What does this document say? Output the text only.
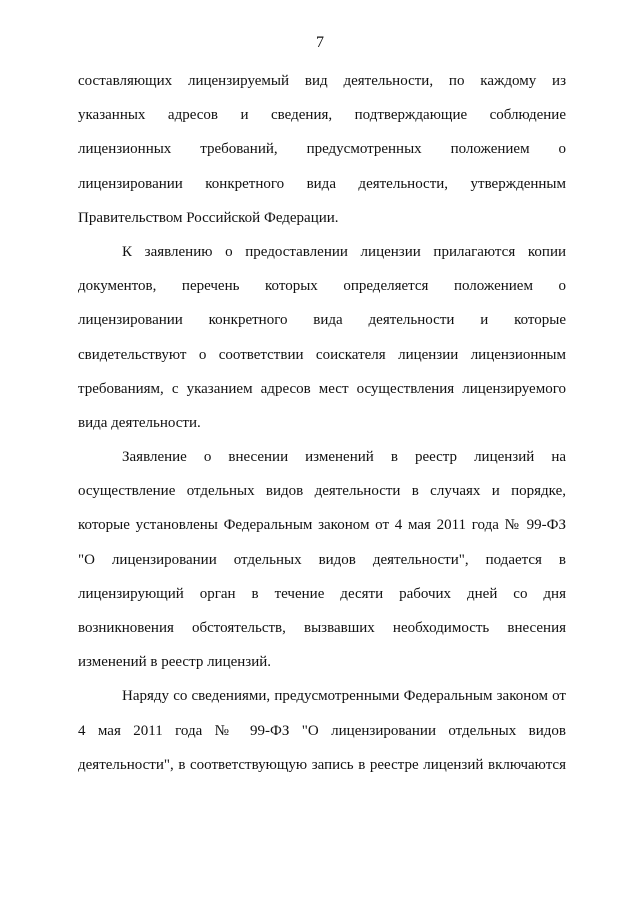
7
составляющих лицензируемый вид деятельности, по каждому из
указанных адресов и сведения, подтверждающие соблюдение
лицензионных требований, предусмотренных положением о
лицензировании конкретного вида деятельности, утвержденным
Правительством Российской Федерации.
К заявлению о предоставлении лицензии прилагаются копии
документов, перечень которых определяется положением о
лицензировании конкретного вида деятельности и которые
свидетельствуют о соответствии соискателя лицензии лицензионным
требованиям, с указанием адресов мест осуществления лицензируемого
вида деятельности.
Заявление о внесении изменений в реестр лицензий на
осуществление отдельных видов деятельности в случаях и порядке,
которые установлены Федеральным законом от 4 мая 2011 года № 99-ФЗ
"О лицензировании отдельных видов деятельности", подается в
лицензирующий орган в течение десяти рабочих дней со дня
возникновения обстоятельств, вызвавших необходимость внесения
изменений в реестр лицензий.
Наряду со сведениями, предусмотренными Федеральным законом от
4 мая 2011 года № 99-ФЗ "О лицензировании отдельных видов
деятельности", в соответствующую запись в реестре лицензий включаются
